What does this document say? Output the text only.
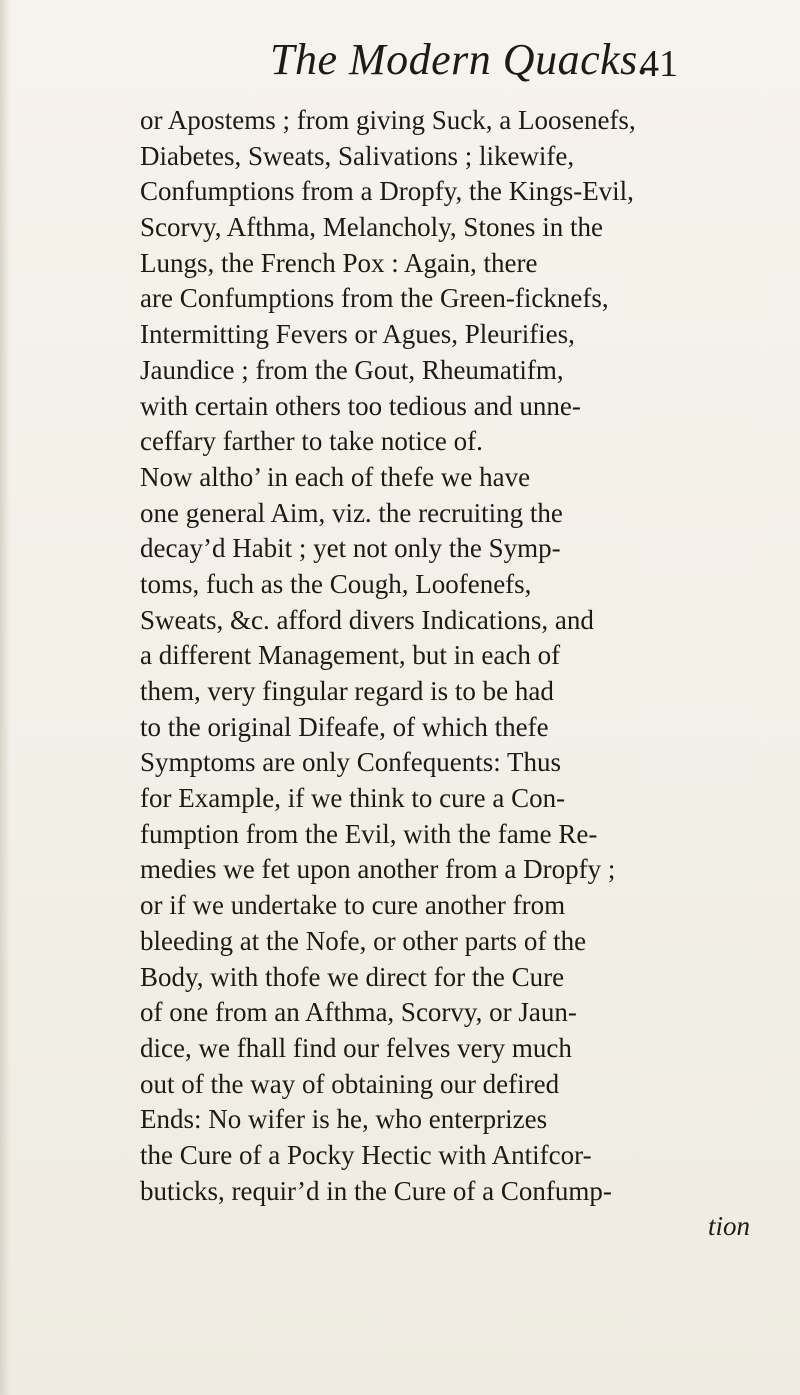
The Modern Quacks.
41
or Apostems ; from giving Suck, a Loosenefs,
Diabetes, Sweats, Salivations ; likewife,
Confumptions from a Dropfy, the Kings-Evil,
Scorvy, Afthma, Melancholy, Stones in the
Lungs, the French Pox : Again, there
are Confumptions from the Green-ficknefs,
Intermitting Fevers or Agues, Pleurifies,
Jaundice ; from the Gout, Rheumatifm,
with certain others too tedious and unne-
ceffary farther to take notice of.
Now altho’ in each of thefe we have
one general Aim, viz. the recruiting the
decay’d Habit ; yet not only the Symp-
toms, fuch as the Cough, Loofenefs,
Sweats, &c. afford divers Indications, and
a different Management, but in each of
them, very fingular regard is to be had
to the original Difeafe, of which thefe
Symptoms are only Confequents: Thus
for Example, if we think to cure a Con-
fumption from the Evil, with the fame Re-
medies we fet upon another from a Dropfy ;
or if we undertake to cure another from
bleeding at the Nofe, or other parts of the
Body, with thofe we direct for the Cure
of one from an Afthma, Scorvy, or Jaun-
dice, we fhall find our felves very much
out of the way of obtaining our defired
Ends: No wifer is he, who enterprizes
the Cure of a Pocky Hectic with Antifcor-
buticks, requir’d in the Cure of a Confump-
tion
